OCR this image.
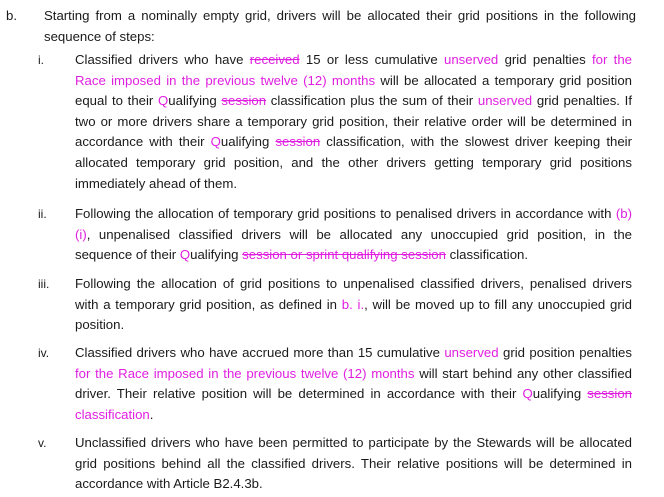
b. Starting from a nominally empty grid, drivers will be allocated their grid positions in the following sequence of steps:
i. Classified drivers who have received 15 or less cumulative unserved grid penalties for the Race imposed in the previous twelve (12) months will be allocated a temporary grid position equal to their Qualifying session classification plus the sum of their unserved grid penalties. If two or more drivers share a temporary grid position, their relative order will be determined in accordance with their Qualifying session classification, with the slowest driver keeping their allocated temporary grid position, and the other drivers getting temporary grid positions immediately ahead of them.
ii. Following the allocation of temporary grid positions to penalised drivers in accordance with (b)(i), unpenalised classified drivers will be allocated any unoccupied grid position, in the sequence of their Qualifying session or sprint qualifying session classification.
iii. Following the allocation of grid positions to unpenalised classified drivers, penalised drivers with a temporary grid position, as defined in b. i., will be moved up to fill any unoccupied grid position.
iv. Classified drivers who have accrued more than 15 cumulative unserved grid position penalties for the Race imposed in the previous twelve (12) months will start behind any other classified driver. Their relative position will be determined in accordance with their Qualifying session classification.
v. Unclassified drivers who have been permitted to participate by the Stewards will be allocated grid positions behind all the classified drivers. Their relative positions will be determined in accordance with Article B2.4.3b.
